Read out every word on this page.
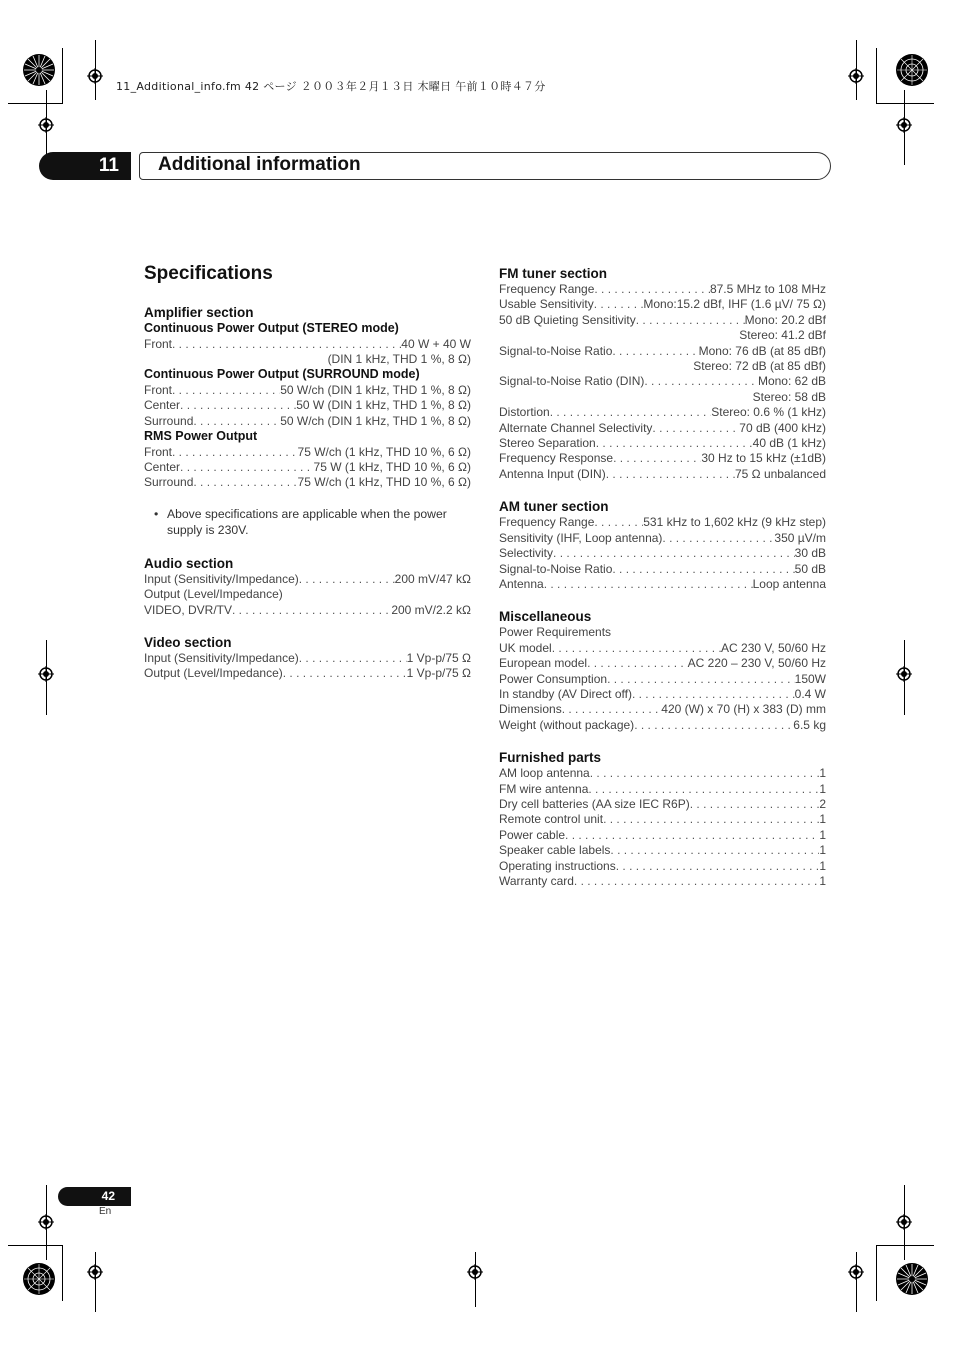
11_Additional_info.fm 42 ページ ２００３年２月１３日 木曜日 午前１０時４７分
11	Additional information
Specifications
Amplifier section
Continuous Power Output (STEREO mode)
Front . . .	40 W + 40 W
(DIN 1 kHz, THD 1 %, 8 Ω)
Continuous Power Output (SURROUND mode)
Front . . .	50 W/ch (DIN 1 kHz, THD 1 %, 8 Ω)
Center . . .	50 W (DIN 1 kHz, THD 1 %, 8 Ω)
Surround . . .	50 W/ch (DIN 1 kHz, THD 1 %, 8 Ω)
RMS Power Output
Front . . .	75 W/ch (1 kHz, THD 10 %, 6 Ω)
Center . . .	75 W (1 kHz, THD 10 %, 6 Ω)
Surround . . .	75 W/ch (1 kHz, THD 10 %, 6 Ω)
• Above specifications are applicable when the power supply is 230V.
Audio section
Input (Sensitivity/Impedance) . . .	200 mV/47 kΩ
Output (Level/Impedance)
VIDEO, DVR/TV . . .	200 mV/2.2 kΩ
Video section
Input (Sensitivity/Impedance) . . .	1 Vp-p/75 Ω
Output (Level/Impedance) . . .	1 Vp-p/75 Ω
FM tuner section
Frequency Range . . .	87.5 MHz to 108 MHz
Usable Sensitivity . . .	Mono:15.2 dBf, IHF (1.6 µV/ 75 Ω)
50 dB Quieting Sensitivity . . .	Mono: 20.2 dBf
Stereo: 41.2 dBf
Signal-to-Noise Ratio . . .	Mono: 76 dB (at 85 dBf)
Stereo: 72 dB (at 85 dBf)
Signal-to-Noise Ratio (DIN) . . .	Mono: 62 dB
Stereo: 58 dB
Distortion . . .	Stereo: 0.6 % (1 kHz)
Alternate Channel Selectivity . . .	70 dB (400 kHz)
Stereo Separation . . .	40 dB (1 kHz)
Frequency Response . . .	30 Hz to 15 kHz (±1dB)
Antenna Input (DIN) . . .	75 Ω unbalanced
AM tuner section
Frequency Range . . .	531 kHz to 1,602 kHz (9 kHz step)
Sensitivity (IHF, Loop antenna) . . .	350 µV/m
Selectivity . . .	30 dB
Signal-to-Noise Ratio . . .	50 dB
Antenna . . .	Loop antenna
Miscellaneous
Power Requirements
UK model . . .	AC 230 V, 50/60 Hz
European model . . .	AC 220 – 230 V, 50/60 Hz
Power Consumption . . .	150W
In standby (AV Direct off) . . .	0.4 W
Dimensions . . .	420 (W) x 70 (H) x 383 (D) mm
Weight (without package) . . .	6.5 kg
Furnished parts
AM loop antenna . . .	1
FM wire antenna . . .	1
Dry cell batteries (AA size IEC R6P) . . .	2
Remote control unit . . .	1
Power cable . . .	1
Speaker cable labels . . .	1
Operating instructions . . .	1
Warranty card . . .	1
42
En
